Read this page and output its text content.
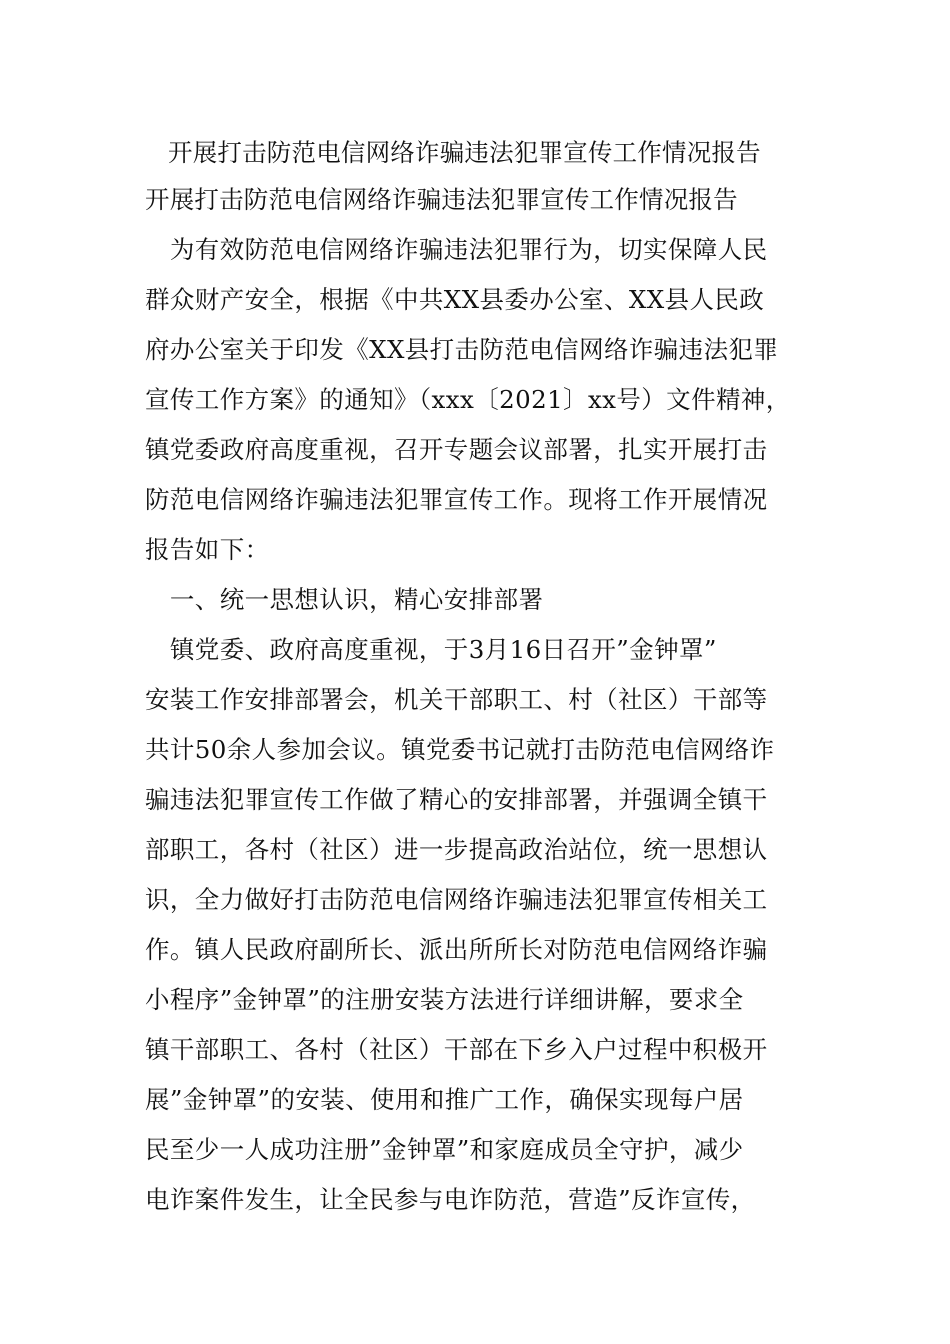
开展打击防范电信网络诈骗违法犯罪宣传工作情况报告
开展打击防范电信网络诈骗违法犯罪宣传工作情况报告
　为有效防范电信网络诈骗违法犯罪行为，切实保障人民
群众财产安全，根据《中共XX县委办公室、XX县人民政
府办公室关于印发《XX县打击防范电信网络诈骗违法犯罪
宣传工作方案》的通知》（xxx〔2021〕xx号）文件精神，
镇党委政府高度重视，召开专题会议部署，扎实开展打击
防范电信网络诈骗违法犯罪宣传工作。现将工作开展情况
报告如下：
　一、统一思想认识，精心安排部署
　镇党委、政府高度重视，于3月16日召开”金钟罩”
安装工作安排部署会，机关干部职工、村（社区）干部等
共计50余人参加会议。镇党委书记就打击防范电信网络诈
骗违法犯罪宣传工作做了精心的安排部署，并强调全镇干
部职工，各村（社区）进一步提高政治站位，统一思想认
识，全力做好打击防范电信网络诈骗违法犯罪宣传相关工
作。镇人民政府副所长、派出所所长对防范电信网络诈骗
小程序”金钟罩”的注册安装方法进行详细讲解，要求全
镇干部职工、各村（社区）干部在下乡入户过程中积极开
展”金钟罩”的安装、使用和推广工作，确保实现每户居
民至少一人成功注册”金钟罩”和家庭成员全守护，减少
电诈案件发生，让全民参与电诈防范，营造”反诈宣传，
